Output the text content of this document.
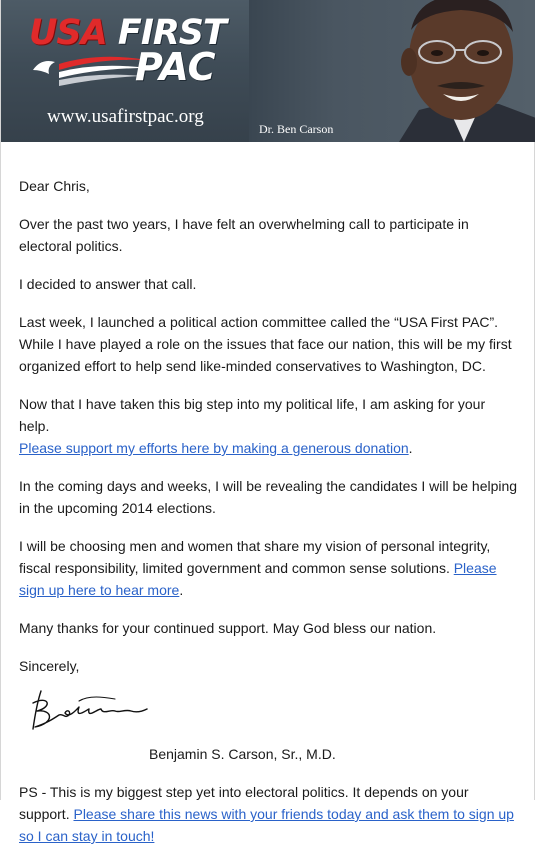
USA FIRST
PAC
www.usafirstpac.org
Dr. Ben Carson

Dear Chris,

Over the past two years, I have felt an overwhelming call to participate in electoral politics.

I decided to answer that call.

Last week, I launched a political action committee called the “USA First PAC”. While I have played a role on the issues that face our nation, this will be my first organized effort to help send like-minded conservatives to Washington, DC.

Now that I have taken this big step into my political life, I am asking for your help.
Please support my efforts here by making a generous donation.

In the coming days and weeks, I will be revealing the candidates I will be helping in the upcoming 2014 elections.

I will be choosing men and women that share my vision of personal integrity, fiscal responsibility, limited government and common sense solutions. Please sign up here to hear more.

Many thanks for your continued support. May God bless our nation.

Sincerely,

Benjamin S. Carson, Sr., M.D.

PS - This is my biggest step yet into electoral politics. It depends on your support. Please share this news with your friends today and ask them to sign up so I can stay in touch!
